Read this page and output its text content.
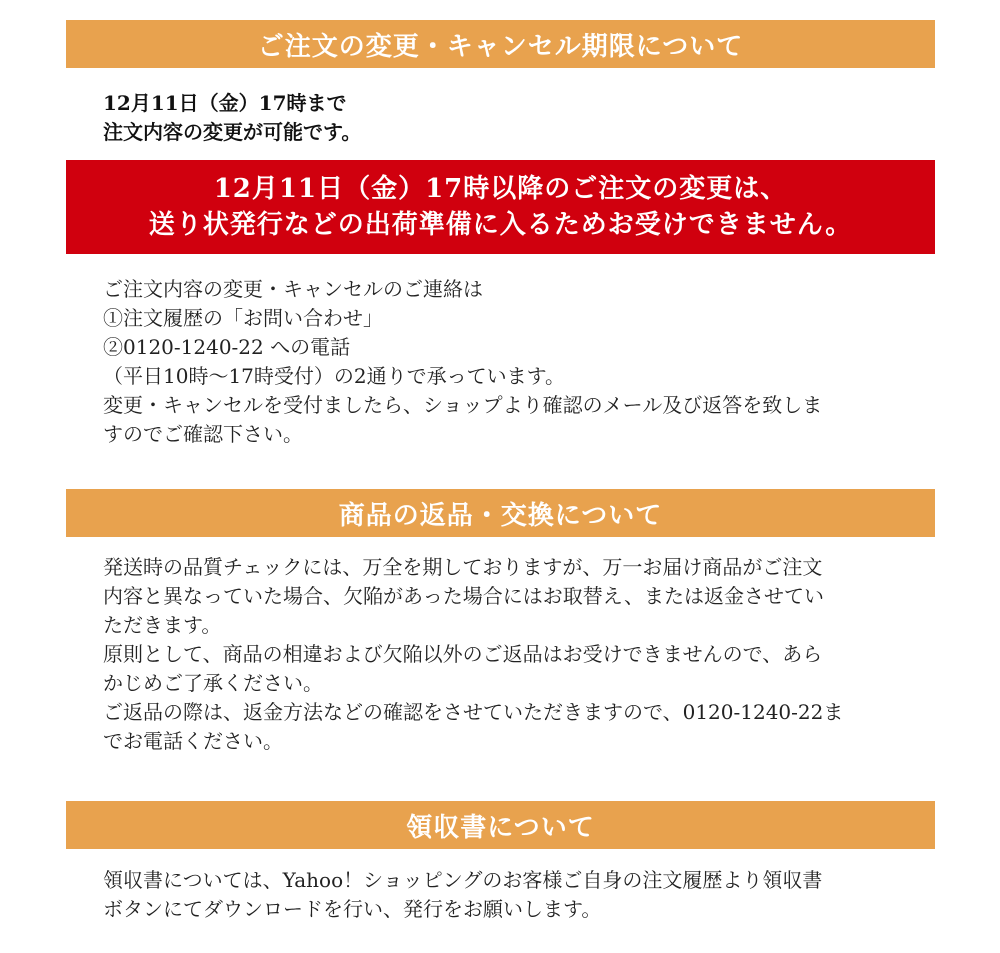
ご注文の変更・キャンセル期限について
12月11日（金）17時まで
注文内容の変更が可能です。
12月11日（金）17時以降のご注文の変更は、
送り状発行などの出荷準備に入るためお受けできません。
ご注文内容の変更・キャンセルのご連絡は
①注文履歴の「お問い合わせ」
②0120-1240-22 への電話
（平日10時〜17時受付）の2通りで承っています。
変更・キャンセルを受付ましたら、ショップより確認のメール及び返答を致しま
すのでご確認下さい。
商品の返品・交換について
発送時の品質チェックには、万全を期しておりますが、万一お届け商品がご注文
内容と異なっていた場合、欠陥があった場合にはお取替え、または返金させてい
ただきます。
原則として、商品の相違および欠陥以外のご返品はお受けできませんので、あら
かじめご了承ください。
ご返品の際は、返金方法などの確認をさせていただきますので、0120-1240-22ま
でお電話ください。
領収書について
領収書については、Yahoo！ショッピングのお客様ご自身の注文履歴より領収書
ボタンにてダウンロードを行い、発行をお願いします。
